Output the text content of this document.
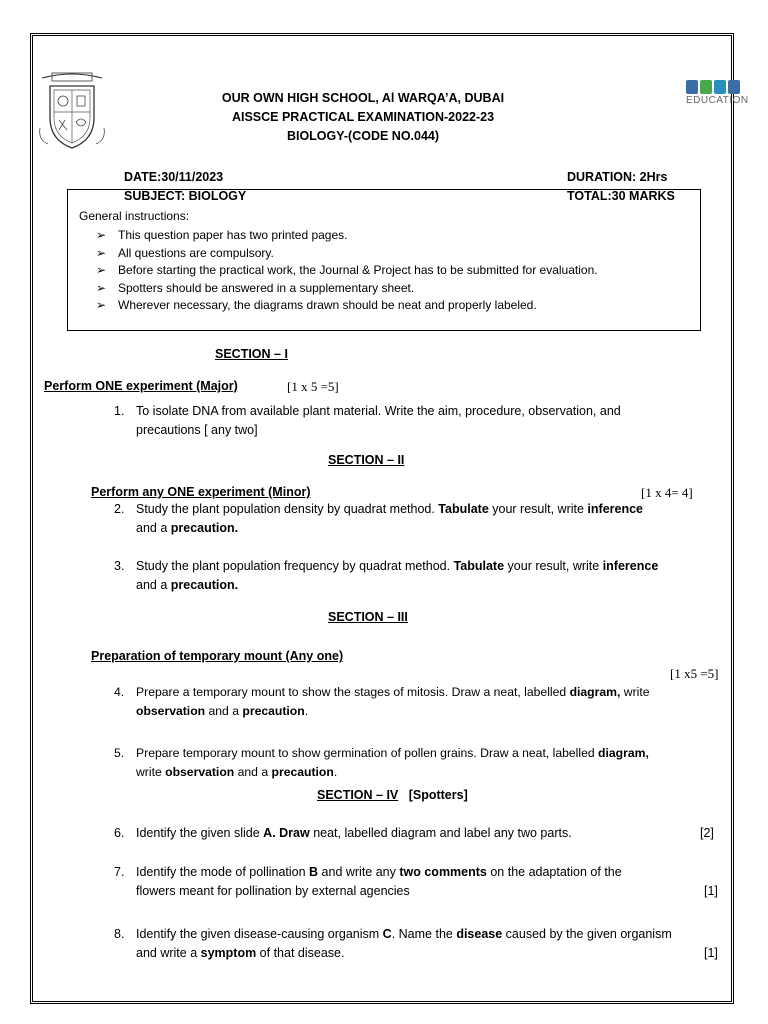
EDUCATION
OUR OWN HIGH SCHOOL, Al WARQA’A, DUBAI
AISSCE PRACTICAL EXAMINATION-2022-23
BIOLOGY-(CODE NO.044)
DATE:30/11/2023	DURATION: 2Hrs
SUBJECT: BIOLOGY	TOTAL:30 MARKS
General instructions:
➢ This question paper has two printed pages.
➢ All questions are compulsory.
➢ Before starting the practical work, the Journal & Project has to be submitted for evaluation.
➢ Spotters should be answered in a supplementary sheet.
➢ Wherever necessary, the diagrams drawn should be neat and properly labeled.
SECTION – I
Perform ONE experiment (Major)	[1 x 5 =5]
1. To isolate DNA from available plant material. Write the aim, procedure, observation, and
precautions [ any two]
SECTION – II
Perform any ONE experiment (Minor)	[1 x 4= 4]
2. Study the plant population density by quadrat method. Tabulate your result, write inference
and a precaution.
3. Study the plant population frequency by quadrat method. Tabulate your result, write inference
and a precaution.
SECTION – III
Preparation of temporary mount (Any one)
[1 x5 =5]
4. Prepare a temporary mount to show the stages of mitosis. Draw a neat, labelled diagram, write
observation and a precaution.
5. Prepare temporary mount to show germination of pollen grains. Draw a neat, labelled diagram,
write observation and a precaution.
SECTION – IV [Spotters]
6. Identify the given slide A. Draw neat, labelled diagram and label any two parts.	[2]
7. Identify the mode of pollination B and write any two comments on the adaptation of the
flowers meant for pollination by external agencies	[1]
8. Identify the given disease-causing organism C. Name the disease caused by the given organism
and write a symptom of that disease.	[1]
